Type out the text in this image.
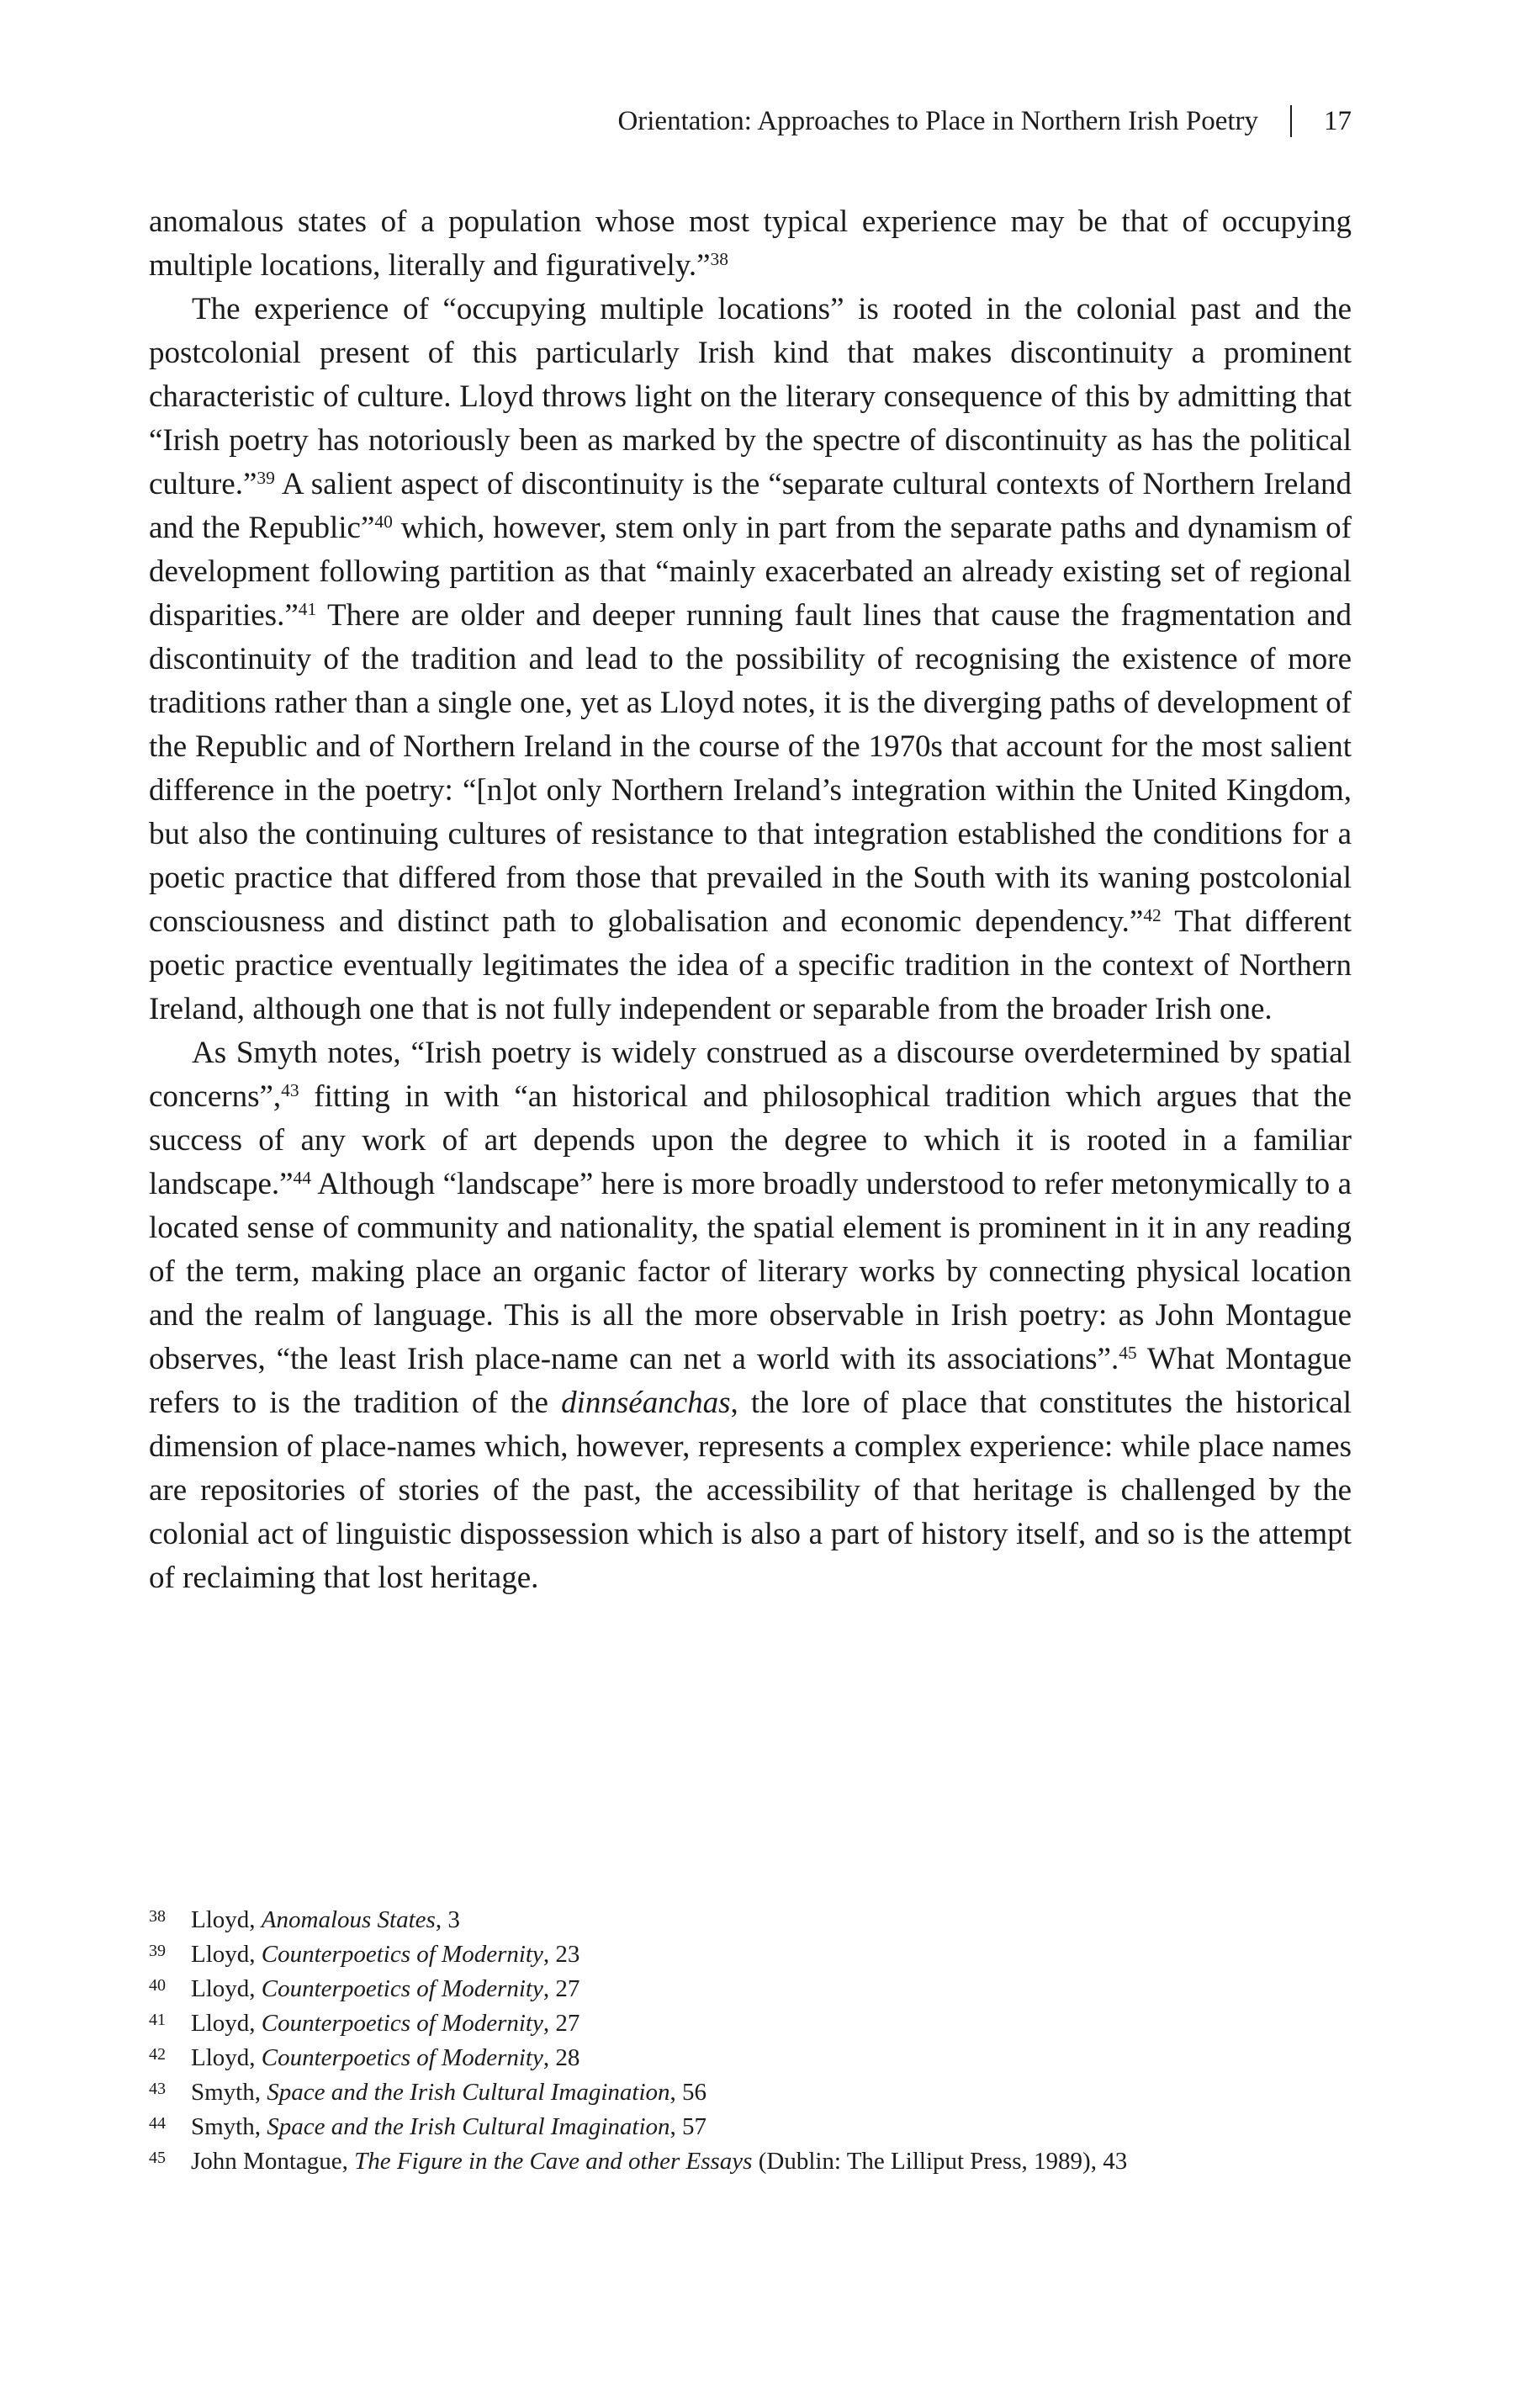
Orientation: Approaches to Place in Northern Irish Poetry 17

anomalous states of a population whose most typical experience may be that of occupying multiple locations, literally and figuratively.”$^{38}$

The experience of “occupying multiple locations” is rooted in the colonial past and the postcolonial present of this particularly Irish kind that makes discontinuity a prominent characteristic of culture. Lloyd throws light on the literary consequence of this by admitting that “Irish poetry has notoriously been as marked by the spectre of discontinuity as has the political culture.”$^{39}$ A salient aspect of discontinuity is the “separate cultural contexts of Northern Ireland and the Republic”$^{40}$ which, however, stem only in part from the separate paths and dynamism of development following partition as that “mainly exacerbated an already existing set of regional disparities.”$^{41}$ There are older and deeper running fault lines that cause the fragmentation and discontinuity of the tradition and lead to the possibility of recognising the existence of more traditions rather than a single one, yet as Lloyd notes, it is the diverging paths of development of the Republic and of Northern Ireland in the course of the 1970s that account for the most salient difference in the poetry: “[n]ot only Northern Ireland’s integration within the United Kingdom, but also the continuing cultures of resistance to that integration established the conditions for a poetic practice that differed from those that prevailed in the South with its waning postcolonial consciousness and distinct path to globalisation and economic dependency.”$^{42}$ That different poetic practice eventually legitimates the idea of a specific tradition in the context of Northern Ireland, although one that is not fully independent or separable from the broader Irish one.

As Smyth notes, “Irish poetry is widely construed as a discourse overdetermined by spatial concerns”,$^{43}$ fitting in with “an historical and philosophical tradition which argues that the success of any work of art depends upon the degree to which it is rooted in a familiar landscape.”$^{44}$ Although “landscape” here is more broadly understood to refer metonymically to a located sense of community and nationality, the spatial element is prominent in it in any reading of the term, making place an organic factor of literary works by connecting physical location and the realm of language. This is all the more observable in Irish poetry: as John Montague observes, “the least Irish place-name can net a world with its associations”.$^{45}$ What Montague refers to is the tradition of the dinnséanchas, the lore of place that constitutes the historical dimension of place-names which, however, represents a complex experience: while place names are repositories of stories of the past, the accessibility of that heritage is challenged by the colonial act of linguistic dispossession which is also a part of history itself, and so is the attempt of reclaiming that lost heritage.

38	Lloyd, Anomalous States, 3
39	Lloyd, Counterpoetics of Modernity, 23
40	Lloyd, Counterpoetics of Modernity, 27
41	Lloyd, Counterpoetics of Modernity, 27
42	Lloyd, Counterpoetics of Modernity, 28
43	Smyth, Space and the Irish Cultural Imagination, 56
44	Smyth, Space and the Irish Cultural Imagination, 57
45	John Montague, The Figure in the Cave and other Essays (Dublin: The Lilliput Press, 1989), 43
